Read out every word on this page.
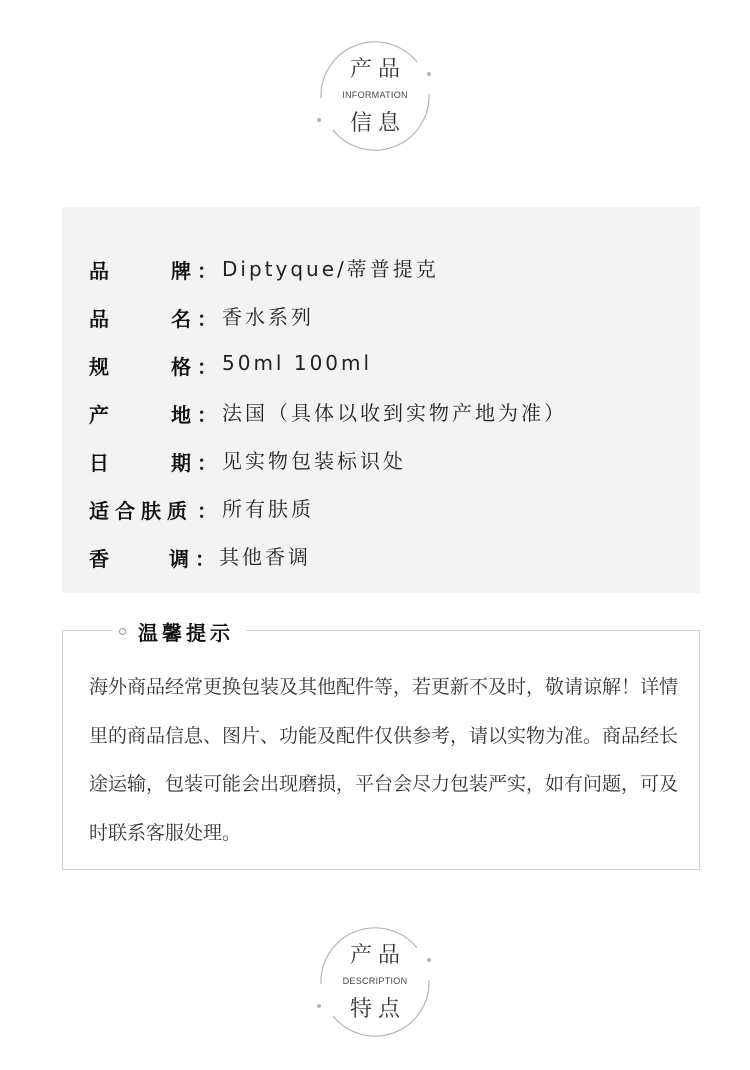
产品
INFORMATION
信息
品	牌 ： Diptyque/蒂普提克
品	名 ： 香水系列
规	格 ： 50ml 100ml
产	地 ： 法国（具体以收到实物产地为准）
日	期 ： 见实物包装标识处
适合肤质 ： 所有肤质
香	调 ： 其他香调
温馨提示
海外商品经常更换包装及其他配件等，若更新不及时，敬请谅解！详情里的商品信息、图片、功能及配件仅供参考，请以实物为准。商品经长途运输，包装可能会出现磨损，平台会尽力包装严实，如有问题，可及时联系客服处理。
产品
DESCRIPTION
特点
